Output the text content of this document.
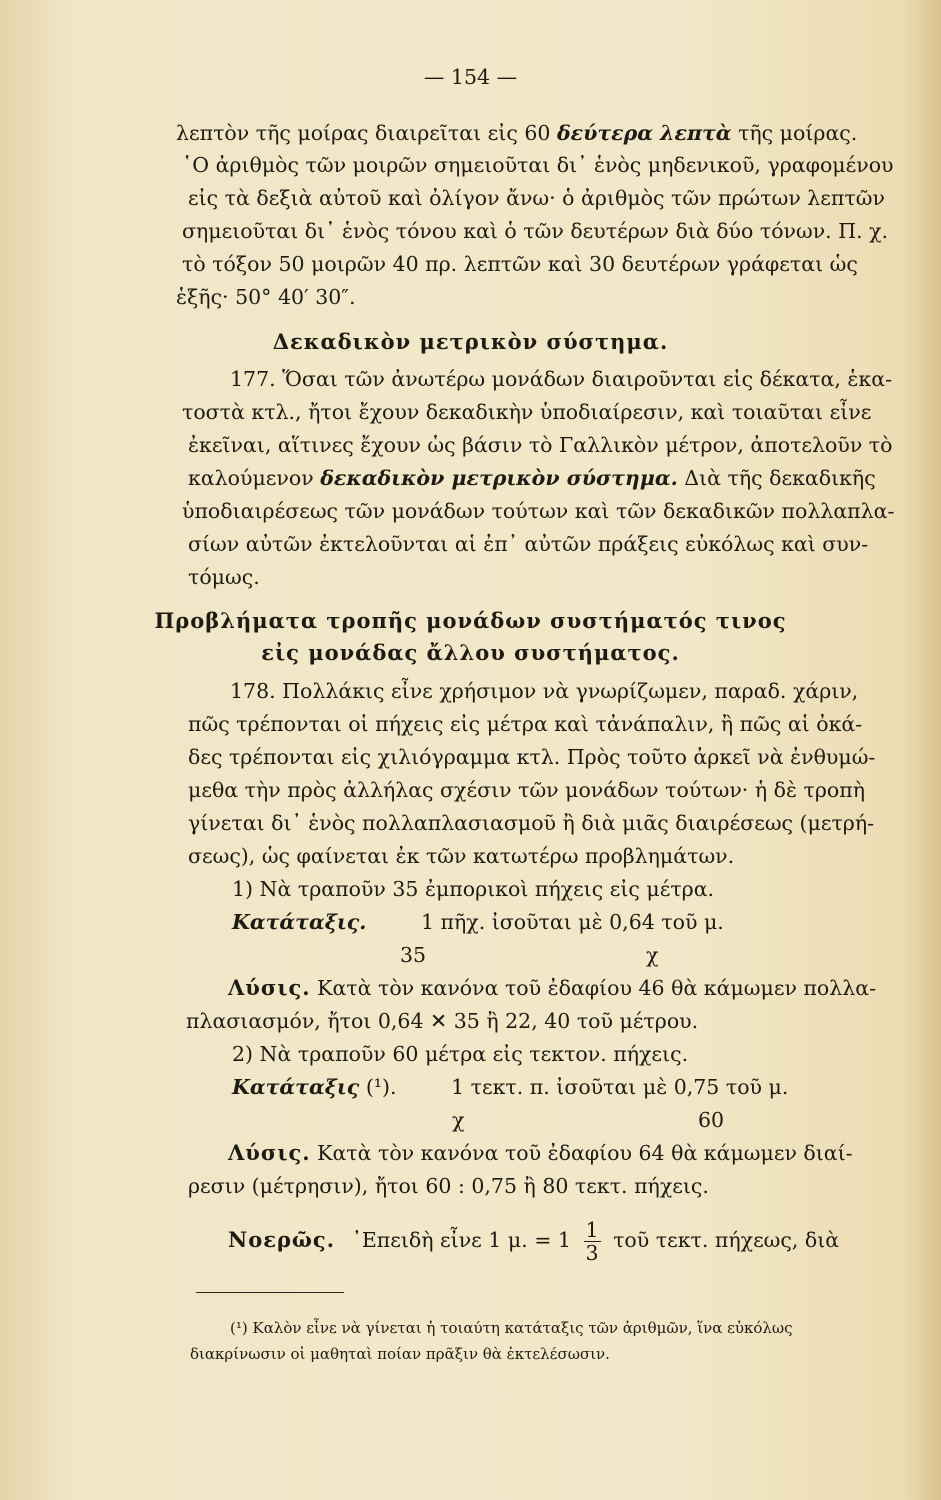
— 154 —
λεπτὸν τῆς μοίρας διαιρεῖται εἰς 60 δεύτερα λεπτὰ τῆς μοίρας.
῾Ο ἀριθμὸς τῶν μοιρῶν σημειοῦται δι᾽ ἑνὸς μηδενικοῦ, γραφομένου
εἰς τὰ δεξιὰ αὐτοῦ καὶ ὀλίγον ἄνω· ὁ ἀριθμὸς τῶν πρώτων λεπτῶν
σημειοῦται δι᾽ ἑνὸς τόνου καὶ ὁ τῶν δευτέρων διὰ δύο τόνων. Π. χ.
τὸ τόξον 50 μοιρῶν 40 πρ. λεπτῶν καὶ 30 δευτέρων γράφεται ὡς
ἑξῆς· 50° 40′ 30″.
Δεκαδικὸν μετρικὸν σύστημα.
177. Ὅσαι τῶν ἀνωτέρω μονάδων διαιροῦνται εἰς δέκατα, ἑκα-
τοστὰ κτλ., ἤτοι ἔχουν δεκαδικὴν ὑποδιαίρεσιν, καὶ τοιαῦται εἶνε
ἐκεῖναι, αἵτινες ἔχουν ὡς βάσιν τὸ Γαλλικὸν μέτρον, ἀποτελοῦν τὸ
καλούμενον δεκαδικὸν μετρικὸν σύστημα. Διὰ τῆς δεκαδικῆς
ὑποδιαιρέσεως τῶν μονάδων τούτων καὶ τῶν δεκαδικῶν πολλαπλα-
σίων αὐτῶν ἐκτελοῦνται αἱ ἐπ᾽ αὐτῶν πράξεις εὐκόλως καὶ συν-
τόμως.
Προβλήματα τροπῆς μονάδων συστήματός τινος
εἰς μονάδας ἄλλου συστήματος.
178. Πολλάκις εἶνε χρήσιμον νὰ γνωρίζωμεν, παραδ. χάριν,
πῶς τρέπονται οἱ πήχεις εἰς μέτρα καὶ τἀνάπαλιν, ἢ πῶς αἱ ὀκά-
δες τρέπονται εἰς χιλιόγραμμα κτλ. Πρὸς τοῦτο ἀρκεῖ νὰ ἐνθυμώ-
μεθα τὴν πρὸς ἀλλήλας σχέσιν τῶν μονάδων τούτων· ἡ δὲ τροπὴ
γίνεται δι᾽ ἑνὸς πολλαπλασιασμοῦ ἢ διὰ μιᾶς διαιρέσεως (μετρή-
σεως), ὡς φαίνεται ἐκ τῶν κατωτέρω προβλημάτων.
1) Νὰ τραποῦν 35 ἐμπορικοὶ πήχεις εἰς μέτρα.
Κατάταξις.	1 πῆχ. ἰσοῦται μὲ 0,64 τοῦ μ.
35	χ
Λύσις. Κατὰ τὸν κανόνα τοῦ ἐδαφίου 46 θὰ κάμωμεν πολλα-
πλασιασμόν, ἤτοι 0,64 ✕ 35 ἢ 22, 40 τοῦ μέτρου.
2) Νὰ τραποῦν 60 μέτρα εἰς τεκτον. πήχεις.
Κατάταξις (¹).	1 τεκτ. π. ἰσοῦται μὲ 0,75 τοῦ μ.
χ	60
Λύσις. Κατὰ τὸν κανόνα τοῦ ἐδαφίου 64 θὰ κάμωμεν διαί-
ρεσιν (μέτρησιν), ἤτοι 60 : 0,75 ἢ 80 τεκτ. πήχεις.
Νοερῶς. ᾽Επειδὴ εἶνε 1 μ. = $1 \frac{1}{3}$ τοῦ τεκτ. πήχεως, διὰ
(¹) Καλὸν εἶνε νὰ γίνεται ἡ τοιαύτη κατάταξις τῶν ἀριθμῶν, ἵνα εὐκόλως
διακρίνωσιν οἱ μαθηταὶ ποίαν πρᾶξιν θὰ ἐκτελέσωσιν.
